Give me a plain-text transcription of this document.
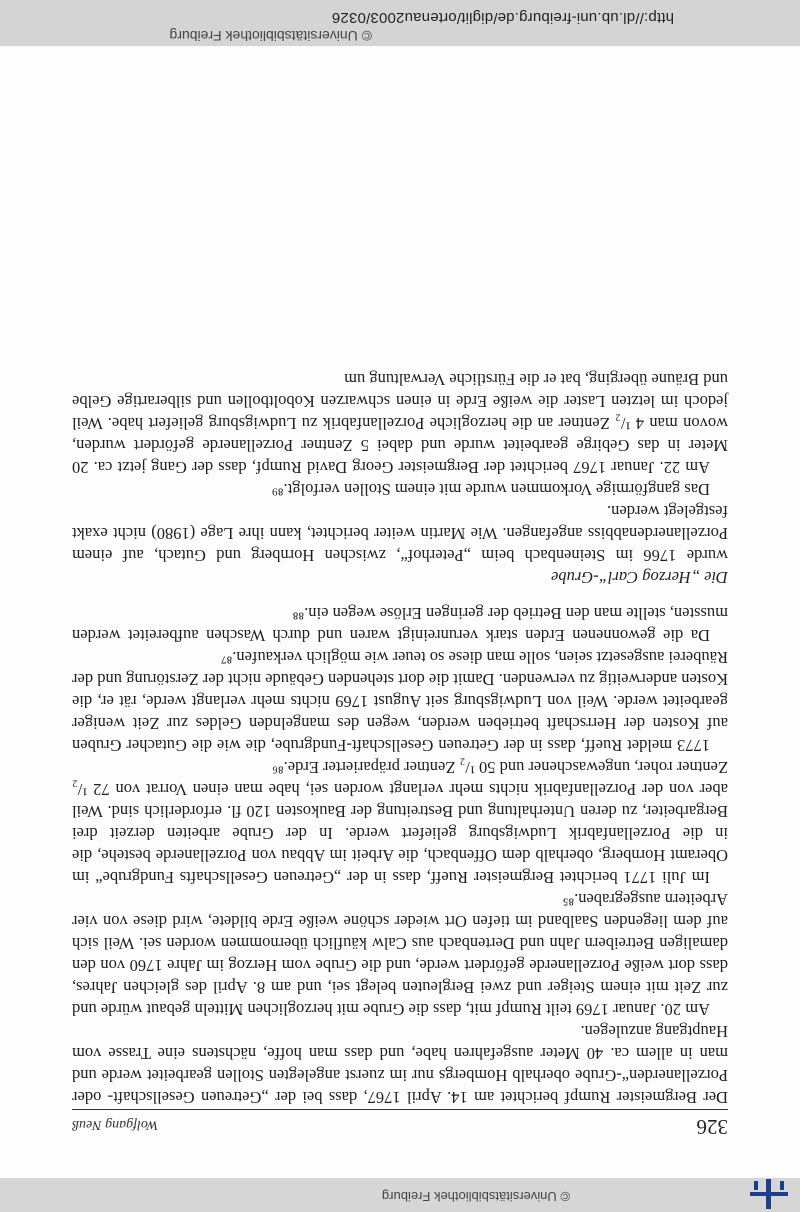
© Universitätsbibliothek Freiburg
326
Wolfgang Neuß

Der Bergmeister Rumpf berichtet am 14. April 1767, dass bei der „Getreuen Gesellschaft- oder Porzellanerden“-Grube oberhalb Hombergs nur im zuerst angelegten Stollen gearbeitet werde und man in allem ca. 40 Meter ausgefahren habe, und dass man hoffe, nächstens eine Trasse vom Hauptgang anzulegen.

Am 20. Januar 1769 teilt Rumpf mit, dass die Grube mit herzoglichen Mitteln gebaut würde und zur Zeit mit einem Steiger und zwei Bergleuten belegt sei, und am 8. April des gleichen Jahres, dass dort weiße Porzellanerde gefördert werde, und die Grube vom Herzog im Jahre 1760 von den damaligen Betreibern Jahn und Dertenbach aus Calw käuflich übernommen worden sei. Weil sich auf dem liegenden Saalband im tiefen Ort wieder schöne weiße Erde bildete, wird diese von vier Arbeitern ausgegraben.⁸⁵

Im Juli 1771 berichtet Bergmeister Rueff, dass in der „Getreuen Gesellschafts Fundgrube“ im Oberamt Hornberg, oberhalb dem Offenbach, die Arbeit im Abbau von Porzellanerde bestehe, die in die Porzellanfabrik Ludwigsburg geliefert werde. In der Grube arbeiten derzeit drei Bergarbeiter, zu deren Unterhaltung und Bestreitung der Baukosten 120 fl. erforderlich sind. Weil aber von der Porzellanfabrik nichts mehr verlangt worden sei, habe man einen Vorrat von 72 ¹/₂ Zentner roher, ungewaschener und 50 ¹/₂ Zentner präparierter Erde.⁸⁶

1773 meldet Rueff, dass in der Getreuen Gesellschaft-Fundgrube, die wie die Gutacher Gruben auf Kosten der Herrschaft betrieben werden, wegen des mangelnden Geldes zur Zeit weniger gearbeitet werde. Weil von Ludwigsburg seit August 1769 nichts mehr verlangt werde, rät er, die Kosten anderweitig zu verwenden. Damit die dort stehenden Gebäude nicht der Zerstörung und der Räuberei ausgesetzt seien, solle man diese so teuer wie möglich verkaufen.⁸⁷

Da die gewonnenen Erden stark verunreinigt waren und durch Waschen aufbereitet werden mussten, stellte man den Betrieb der geringen Erlöse wegen ein.⁸⁸

Die „Herzog Carl“-Grube

wurde 1766 im Steinenbach beim „Peterhof“, zwischen Hornberg und Gutach, auf einem Porzellanerdenabbiss angefangen. Wie Martin weiter berichtet, kann ihre Lage (1980) nicht exakt festgelegt werden.

Das gangförmige Vorkommen wurde mit einem Stollen verfolgt.⁸⁹

Am 22. Januar 1767 berichtet der Bergmeister Georg David Rumpf, dass der Gang jetzt ca. 20 Meter in das Gebirge gearbeitet wurde und dabei 5 Zentner Porzellanerde gefördert wurden, wovon man 4 ¹/₂ Zentner an die herzogliche Porzellanfabrik zu Ludwigsburg geliefert habe. Weil jedoch im letzten Laster die weiße Erde in einen schwarzen Koboltbollen und silberartige Gelbe und Bräune überging, bat er die Fürstliche Verwaltung um

© Universitätsbibliothek Freiburg
http://dl.ub.uni-freiburg.de/diglit/ortenau2003/0326
